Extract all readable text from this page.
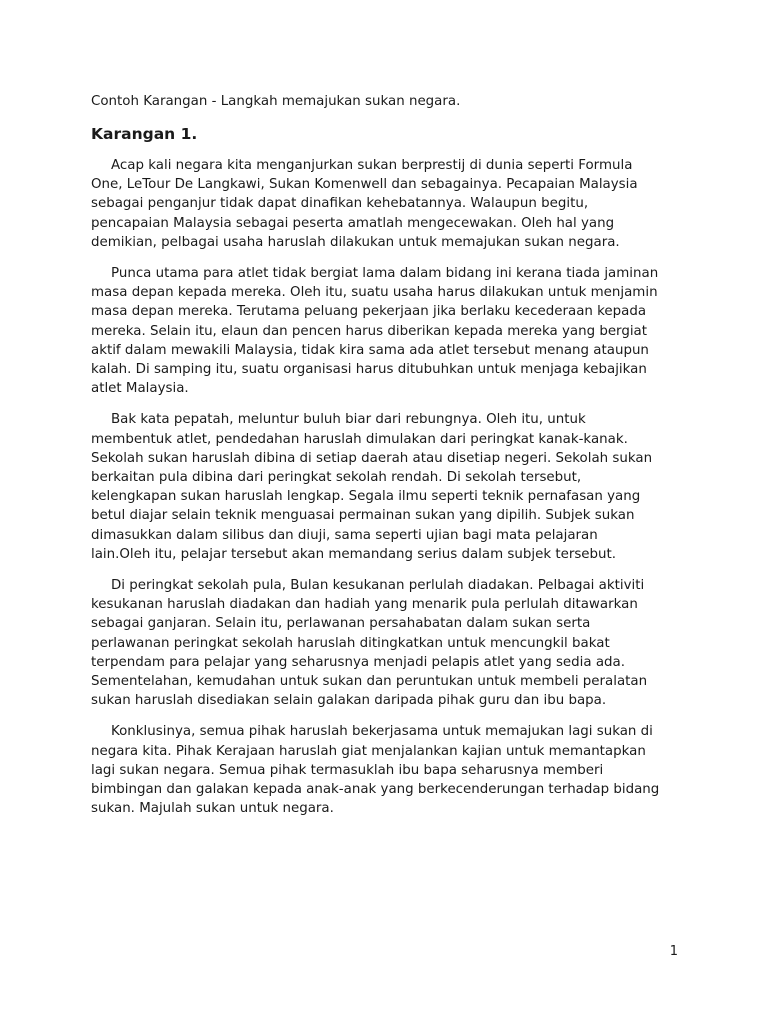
Contoh Karangan - Langkah memajukan sukan negara.

Karangan 1.

Acap kali negara kita menganjurkan sukan berprestij di dunia seperti Formula
One, LeTour De Langkawi, Sukan Komenwell dan sebagainya. Pecapaian Malaysia
sebagai penganjur tidak dapat dinafikan kehebatannya. Walaupun begitu,
pencapaian Malaysia sebagai peserta amatlah mengecewakan. Oleh hal yang
demikian, pelbagai usaha haruslah dilakukan untuk memajukan sukan negara.

Punca utama para atlet tidak bergiat lama dalam bidang ini kerana tiada jaminan
masa depan kepada mereka. Oleh itu, suatu usaha harus dilakukan untuk menjamin
masa depan mereka. Terutama peluang pekerjaan jika berlaku kecederaan kepada
mereka. Selain itu, elaun dan pencen harus diberikan kepada mereka yang bergiat
aktif dalam mewakili Malaysia, tidak kira sama ada atlet tersebut menang ataupun
kalah. Di samping itu, suatu organisasi harus ditubuhkan untuk menjaga kebajikan
atlet Malaysia.

Bak kata pepatah, meluntur buluh biar dari rebungnya. Oleh itu, untuk
membentuk atlet, pendedahan haruslah dimulakan dari peringkat kanak-kanak.
Sekolah sukan haruslah dibina di setiap daerah atau disetiap negeri. Sekolah sukan
berkaitan pula dibina dari peringkat sekolah rendah. Di sekolah tersebut,
kelengkapan sukan haruslah lengkap. Segala ilmu seperti teknik pernafasan yang
betul diajar selain teknik menguasai permainan sukan yang dipilih. Subjek sukan
dimasukkan dalam silibus dan diuji, sama seperti ujian bagi mata pelajaran
lain.Oleh itu, pelajar tersebut akan memandang serius dalam subjek tersebut.

Di peringkat sekolah pula, Bulan kesukanan perlulah diadakan. Pelbagai aktiviti
kesukanan haruslah diadakan dan hadiah yang menarik pula perlulah ditawarkan
sebagai ganjaran. Selain itu, perlawanan persahabatan dalam sukan serta
perlawanan peringkat sekolah haruslah ditingkatkan untuk mencungkil bakat
terpendam para pelajar yang seharusnya menjadi pelapis atlet yang sedia ada.
Sementelahan, kemudahan untuk sukan dan peruntukan untuk membeli peralatan
sukan haruslah disediakan selain galakan daripada pihak guru dan ibu bapa.

Konklusinya, semua pihak haruslah bekerjasama untuk memajukan lagi sukan di
negara kita. Pihak Kerajaan haruslah giat menjalankan kajian untuk memantapkan
lagi sukan negara. Semua pihak termasuklah ibu bapa seharusnya memberi
bimbingan dan galakan kepada anak-anak yang berkecenderungan terhadap bidang
sukan. Majulah sukan untuk negara.

1
